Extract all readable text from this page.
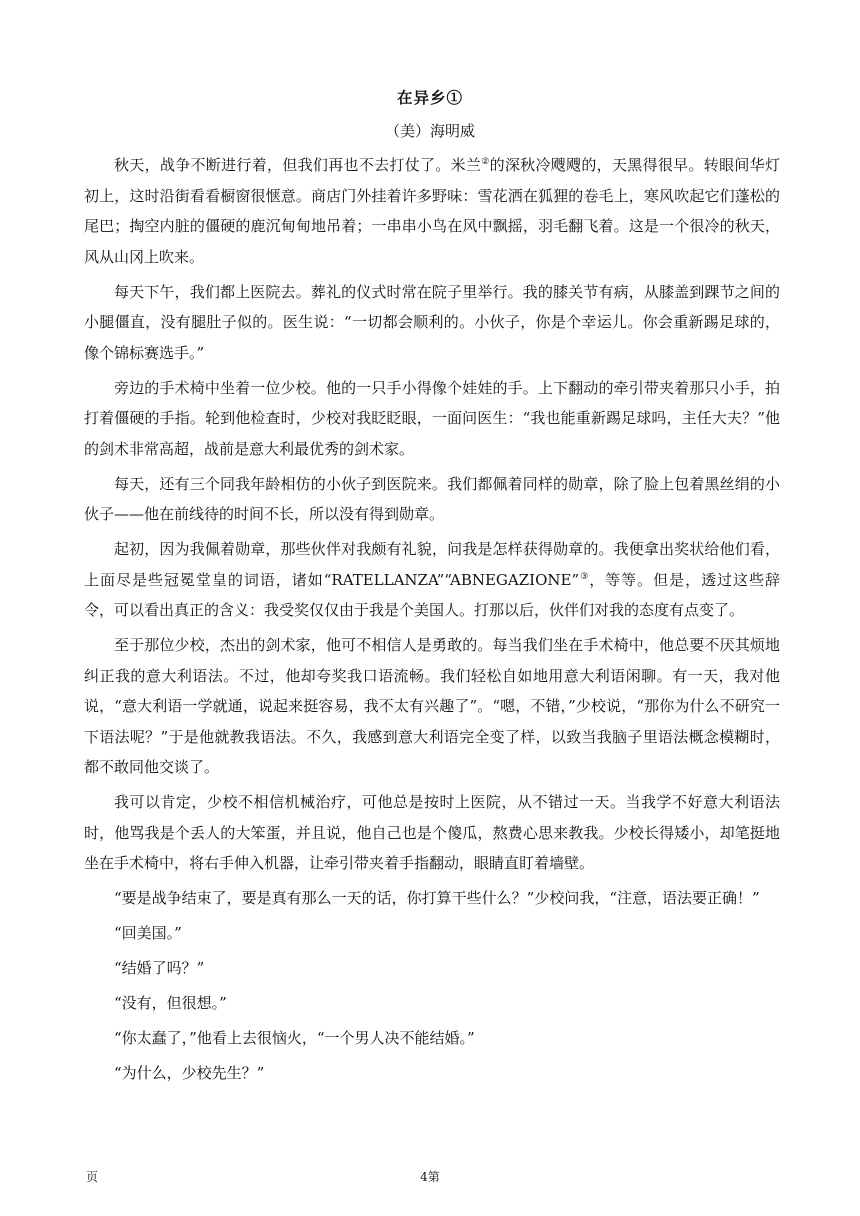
在异乡①
（美）海明威

秋天，战争不断进行着，但我们再也不去打仗了。米兰②的深秋冷飕飕的，天黑得很早。转眼间华灯初上，这时沿街看看橱窗很惬意。商店门外挂着许多野味：雪花洒在狐狸的卷毛上，寒风吹起它们蓬松的尾巴；掏空内脏的僵硬的鹿沉甸甸地吊着；一串串小鸟在风中飘摇，羽毛翻飞着。这是一个很冷的秋天，风从山冈上吹来。

每天下午，我们都上医院去。葬礼的仪式时常在院子里举行。我的膝关节有病，从膝盖到踝节之间的小腿僵直，没有腿肚子似的。医生说：“一切都会顺利的。小伙子，你是个幸运儿。你会重新踢足球的，像个锦标赛选手。”

旁边的手术椅中坐着一位少校。他的一只手小得像个娃娃的手。上下翻动的牵引带夹着那只小手，拍打着僵硬的手指。轮到他检查时，少校对我眨眨眼，一面问医生：“我也能重新踢足球吗，主任大夫？”他的剑术非常高超，战前是意大利最优秀的剑术家。

每天，还有三个同我年龄相仿的小伙子到医院来。我们都佩着同样的勋章，除了脸上包着黑丝绢的小伙子——他在前线待的时间不长，所以没有得到勋章。

起初，因为我佩着勋章，那些伙伴对我颇有礼貌，问我是怎样获得勋章的。我便拿出奖状给他们看，上面尽是些冠冕堂皇的词语，诸如“RATELLANZA”“ABNEGAZIONE”③，等等。但是，透过这些辞令，可以看出真正的含义：我受奖仅仅由于我是个美国人。打那以后，伙伴们对我的态度有点变了。

至于那位少校，杰出的剑术家，他可不相信人是勇敢的。每当我们坐在手术椅中，他总要不厌其烦地纠正我的意大利语法。不过，他却夸奖我口语流畅。我们轻松自如地用意大利语闲聊。有一天，我对他说，“意大利语一学就通，说起来挺容易，我不太有兴趣了”。“嗯，不错，”少校说，“那你为什么不研究一下语法呢？”于是他就教我语法。不久，我感到意大利语完全变了样，以致当我脑子里语法概念模糊时，都不敢同他交谈了。

我可以肯定，少校不相信机械治疗，可他总是按时上医院，从不错过一天。当我学不好意大利语法时，他骂我是个丢人的大笨蛋，并且说，他自己也是个傻瓜，熬费心思来教我。少校长得矮小，却笔挺地坐在手术椅中，将右手伸入机器，让牵引带夹着手指翻动，眼睛直盯着墙壁。

“要是战争结束了，要是真有那么一天的话，你打算干些什么？”少校问我，“注意，语法要正确！”

“回美国。”

“结婚了吗？”

“没有，但很想。”

“你太蠢了，”他看上去很恼火，“一个男人决不能结婚。”

“为什么，少校先生？”

页	4第
